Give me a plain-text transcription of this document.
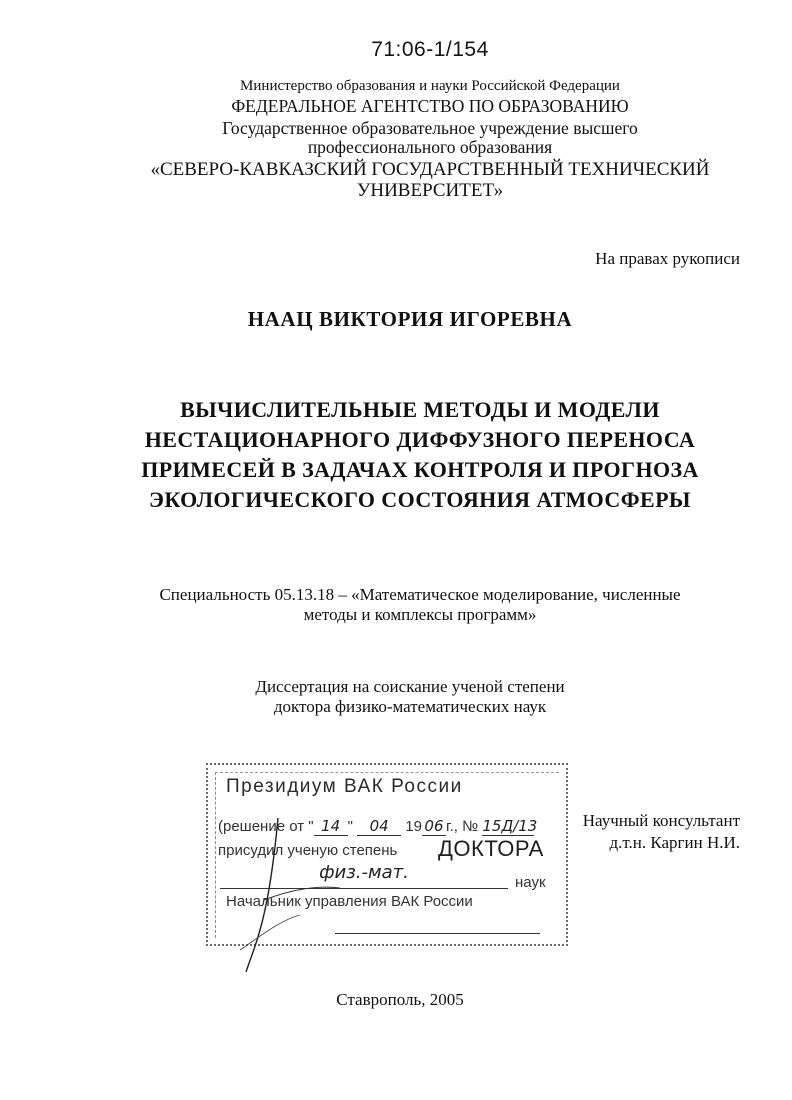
71:06-1/154
Министерство образования и науки Российской Федерации
ФЕДЕРАЛЬНОЕ АГЕНТСТВО ПО ОБРАЗОВАНИЮ
Государственное образовательное учреждение высшего
профессионального образования
«СЕВЕРО-КАВКАЗСКИЙ ГОСУДАРСТВЕННЫЙ ТЕХНИЧЕСКИЙ
УНИВЕРСИТЕТ»
На правах рукописи
НААЦ ВИКТОРИЯ ИГОРЕВНА
ВЫЧИСЛИТЕЛЬНЫЕ МЕТОДЫ И МОДЕЛИ
НЕСТАЦИОНАРНОГО ДИФФУЗНОГО ПЕРЕНОСА
ПРИМЕСЕЙ В ЗАДАЧАХ КОНТРОЛЯ И ПРОГНОЗА
ЭКОЛОГИЧЕСКОГО СОСТОЯНИЯ АТМОСФЕРЫ
Специальность 05.13.18 – «Математическое моделирование, численные
методы и комплексы программ»
Диссертация на соискание ученой степени
доктора физико-математических наук
Научный консультант
д.т.н. Каргин Н.И.
Президиум ВАК России
(решение от " 14 " 04 19 06 г., № 15Д/13
присудил ученую степень ДОКТОРА
физ.-мат.	наук
Начальник управления ВАК России
Ставрополь, 2005
